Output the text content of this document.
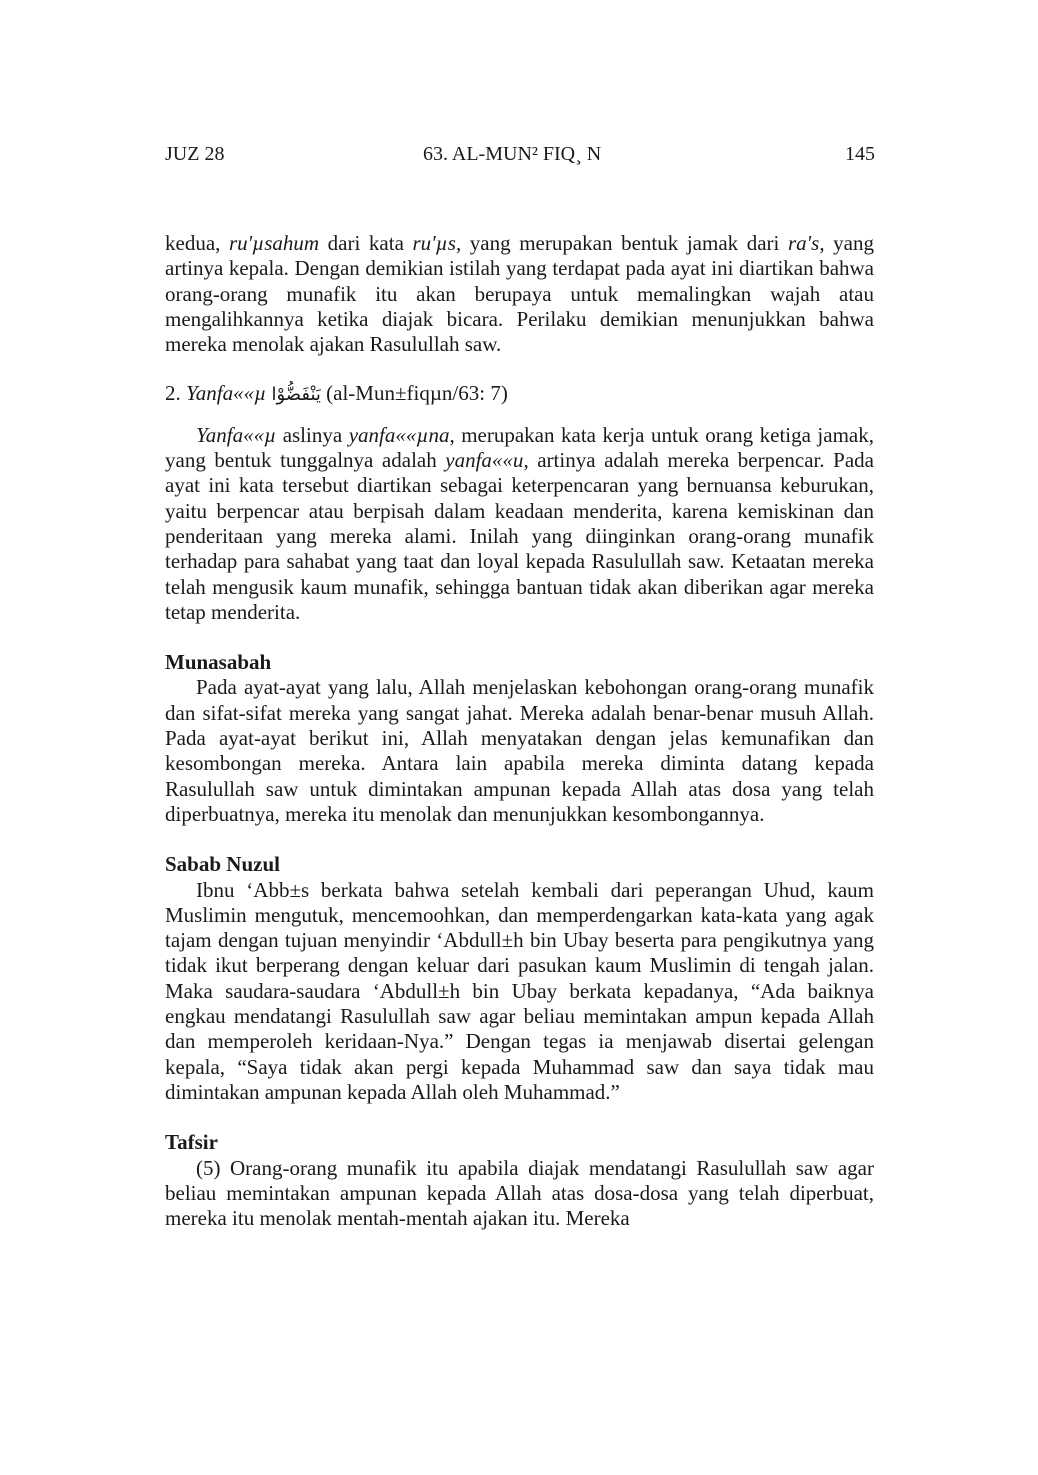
JUZ 28	63. AL-MUN² FIQ¸ N	145

kedua, ru'µsahum dari kata ru'µs, yang merupakan bentuk jamak dari ra's, yang artinya kepala. Dengan demikian istilah yang terdapat pada ayat ini diartikan bahwa orang-orang munafik itu akan berupaya untuk memalingkan wajah atau mengalihkannya ketika diajak bicara. Perilaku demikian menunjukkan bahwa mereka menolak ajakan Rasulullah saw.

2. Yanfa««µ يَنْفَضُّوْا (al-Mun±fiqµn/63: 7)

Yanfa««µ aslinya yanfa««µna, merupakan kata kerja untuk orang ketiga jamak, yang bentuk tunggalnya adalah yanfa««u, artinya adalah mereka berpencar. Pada ayat ini kata tersebut diartikan sebagai keterpencaran yang bernuansa keburukan, yaitu berpencar atau berpisah dalam keadaan menderita, karena kemiskinan dan penderitaan yang mereka alami. Inilah yang diinginkan orang-orang munafik terhadap para sahabat yang taat dan loyal kepada Rasulullah saw. Ketaatan mereka telah mengusik kaum munafik, sehingga bantuan tidak akan diberikan agar mereka tetap menderita.

Munasabah

Pada ayat-ayat yang lalu, Allah menjelaskan kebohongan orang-orang munafik dan sifat-sifat mereka yang sangat jahat. Mereka adalah benar-benar musuh Allah. Pada ayat-ayat berikut ini, Allah menyatakan dengan jelas kemunafikan dan kesombongan mereka. Antara lain apabila mereka diminta datang kepada Rasulullah saw untuk dimintakan ampunan kepada Allah atas dosa yang telah diperbuatnya, mereka itu menolak dan menunjukkan kesombongannya.

Sabab Nuzul

Ibnu ‘Abb±s berkata bahwa setelah kembali dari peperangan Uhud, kaum Muslimin mengutuk, mencemoohkan, dan memperdengarkan kata-kata yang agak tajam dengan tujuan menyindir ‘Abdull±h bin Ubay beserta para pengikutnya yang tidak ikut berperang dengan keluar dari pasukan kaum Muslimin di tengah jalan. Maka saudara-saudara ‘Abdull±h bin Ubay berkata kepadanya, “Ada baiknya engkau mendatangi Rasulullah saw agar beliau memintakan ampun kepada Allah dan memperoleh keridaan-Nya.” Dengan tegas ia menjawab disertai gelengan kepala, “Saya tidak akan pergi kepada Muhammad saw dan saya tidak mau dimintakan ampunan kepada Allah oleh Muhammad.”

Tafsir

(5) Orang-orang munafik itu apabila diajak mendatangi Rasulullah saw agar beliau memintakan ampunan kepada Allah atas dosa-dosa yang telah diperbuat, mereka itu menolak mentah-mentah ajakan itu. Mereka
